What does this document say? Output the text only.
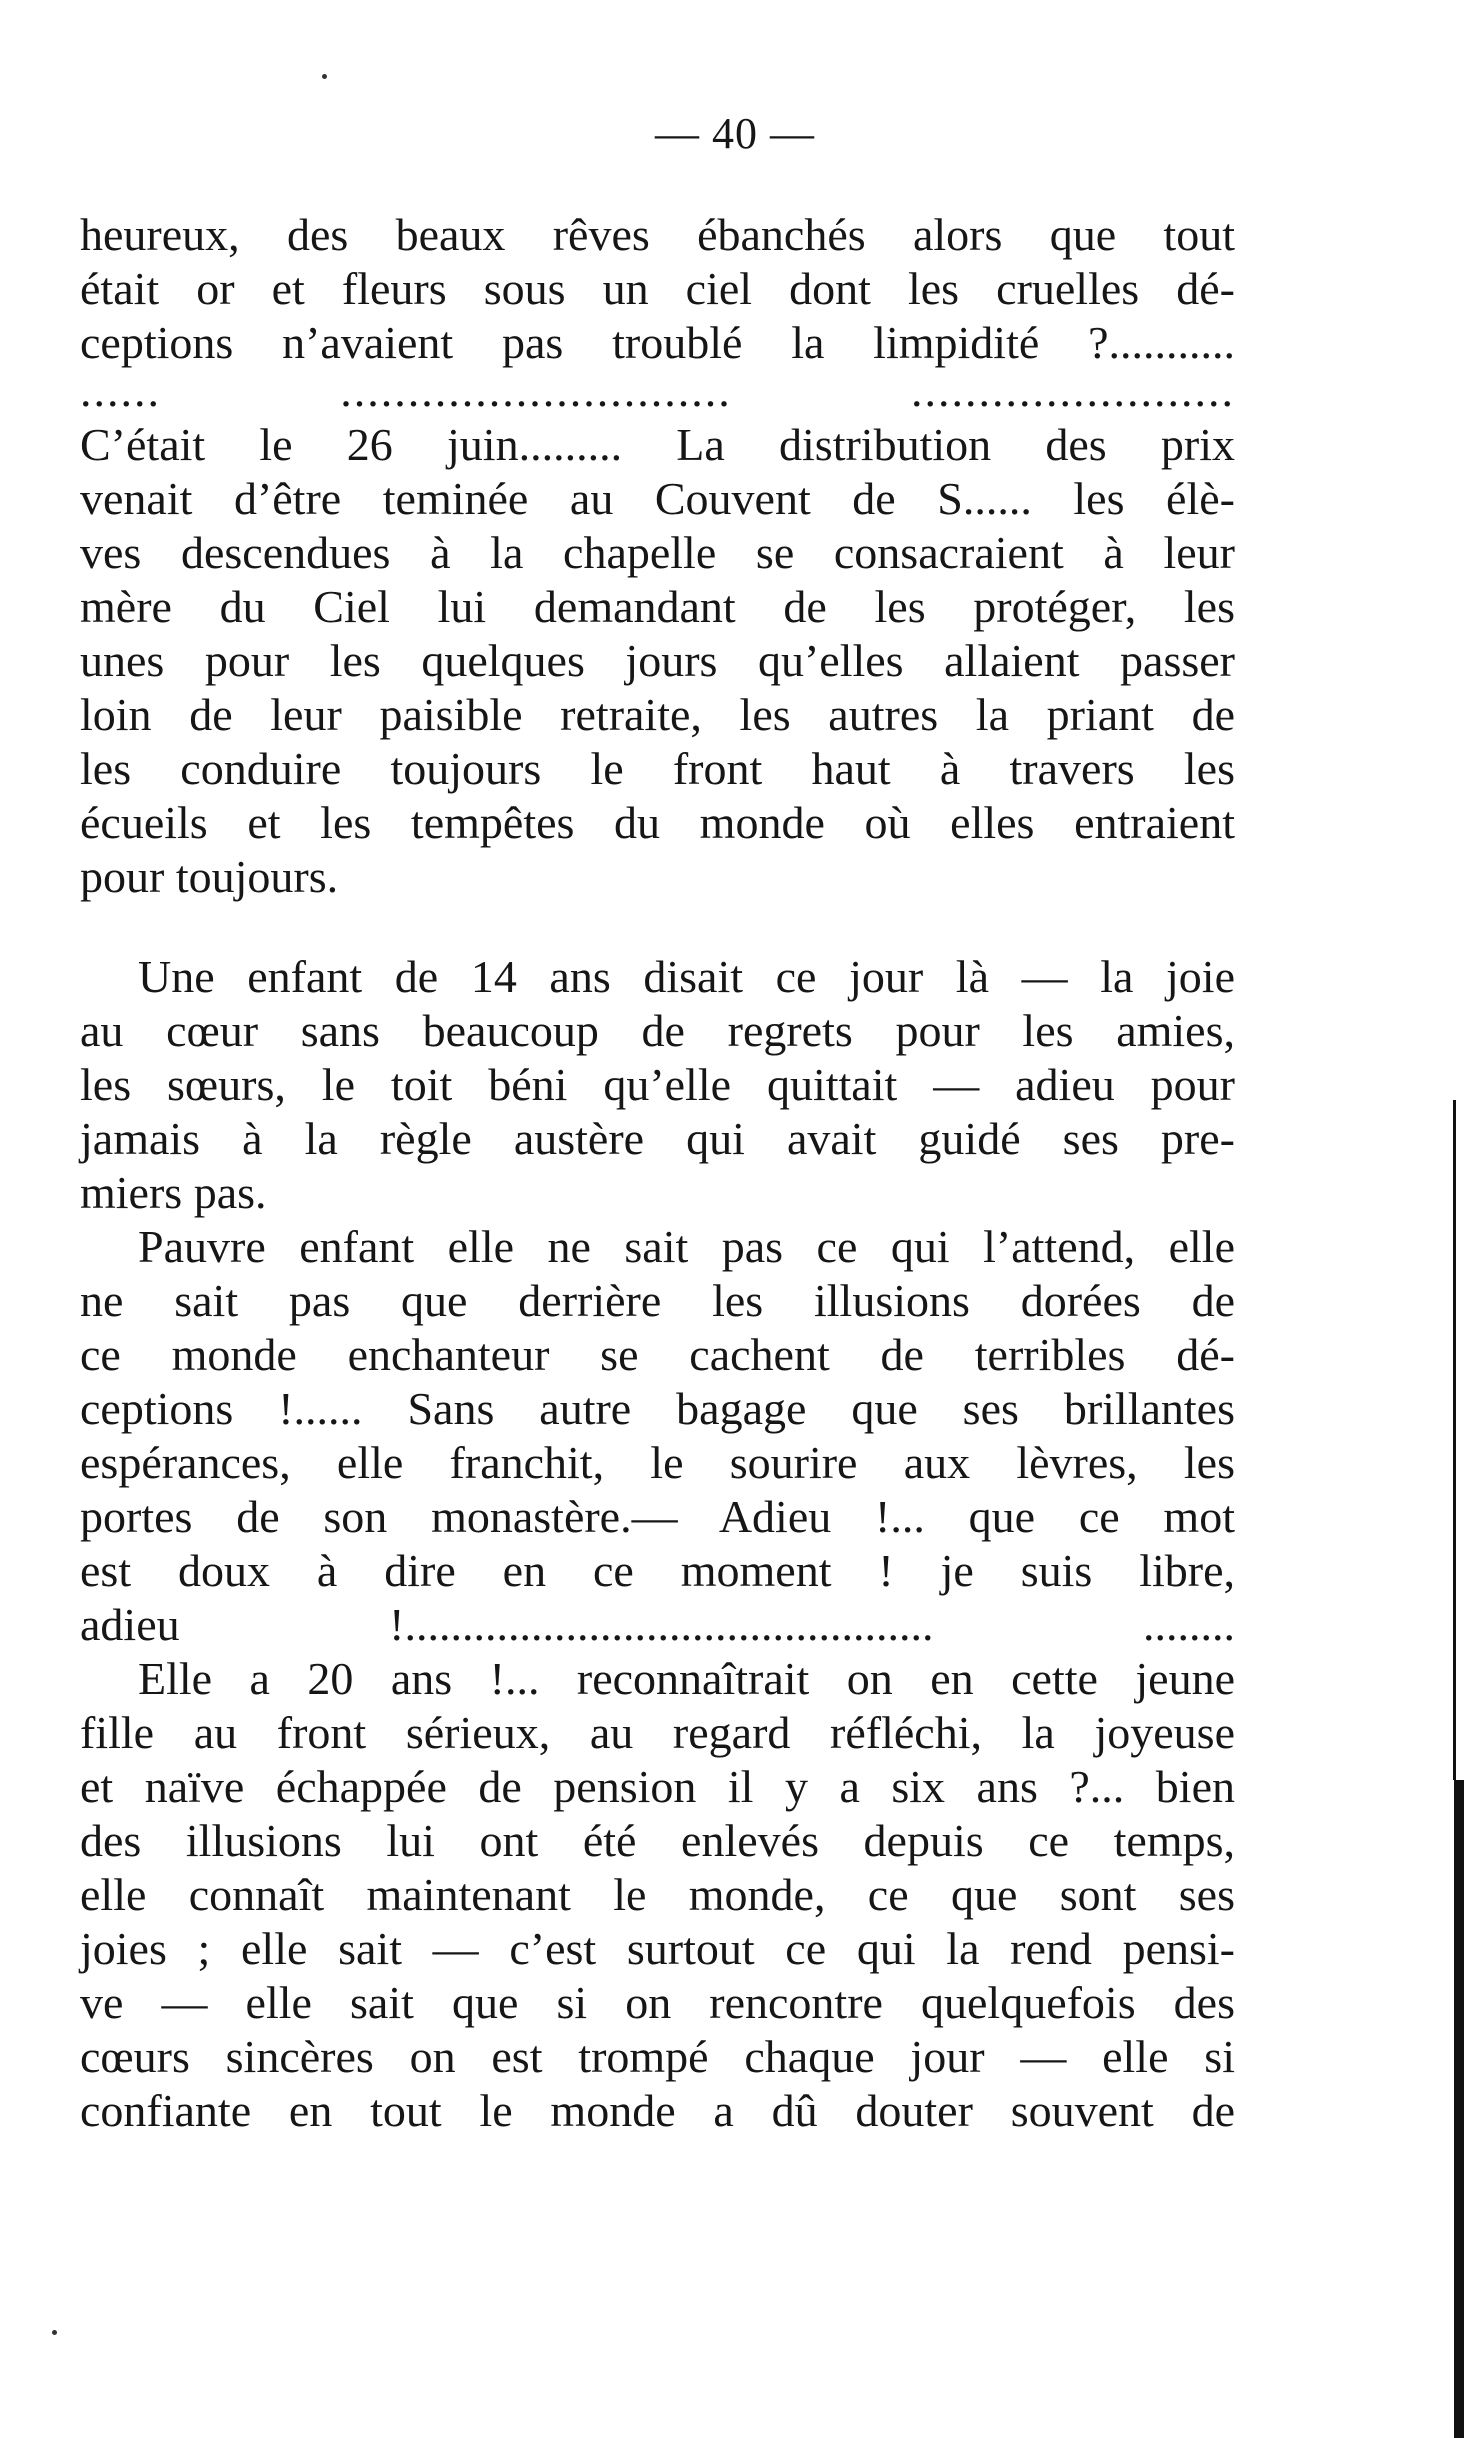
— 40 —
heureux, des beaux rêves ébanchés alors que tout
était or et fleurs sous un ciel dont les cruelles dé-
ceptions n’avaient pas troublé la limpidité ?...........
...... ............................. ........................
C’était le 26 juin......... La distribution des prix
venait d’être teminée au Couvent de S...... les élè-
ves descendues à la chapelle se consacraient à leur
mère du Ciel lui demandant de les protéger, les
unes pour les quelques jours qu’elles allaient passer
loin de leur paisible retraite, les autres la priant de
les conduire toujours le front haut à travers les
écueils et les tempêtes du monde où elles entraient
pour toujours.
Une enfant de 14 ans disait ce jour là — la joie
au cœur sans beaucoup de regrets pour les amies,
les sœurs, le toit béni qu’elle quittait — adieu pour
jamais à la règle austère qui avait guidé ses pre-
miers pas.
Pauvre enfant elle ne sait pas ce qui l’attend, elle
ne sait pas que derrière les illusions dorées de
ce monde enchanteur se cachent de terribles dé-
ceptions !...... Sans autre bagage que ses brillantes
espérances, elle franchit, le sourire aux lèvres, les
portes de son monastère.— Adieu !... que ce mot
est doux à dire en ce moment ! je suis libre,
adieu !.............................................. ........
Elle a 20 ans !... reconnaîtrait on en cette jeune
fille au front sérieux, au regard réfléchi, la joyeuse
et naïve échappée de pension il y a six ans ?... bien
des illusions lui ont été enlevés depuis ce temps,
elle connaît maintenant le monde, ce que sont ses
joies ; elle sait — c’est surtout ce qui la rend pensi-
ve — elle sait que si on rencontre quelquefois des
cœurs sincères on est trompé chaque jour — elle si
confiante en tout le monde a dû douter souvent de
